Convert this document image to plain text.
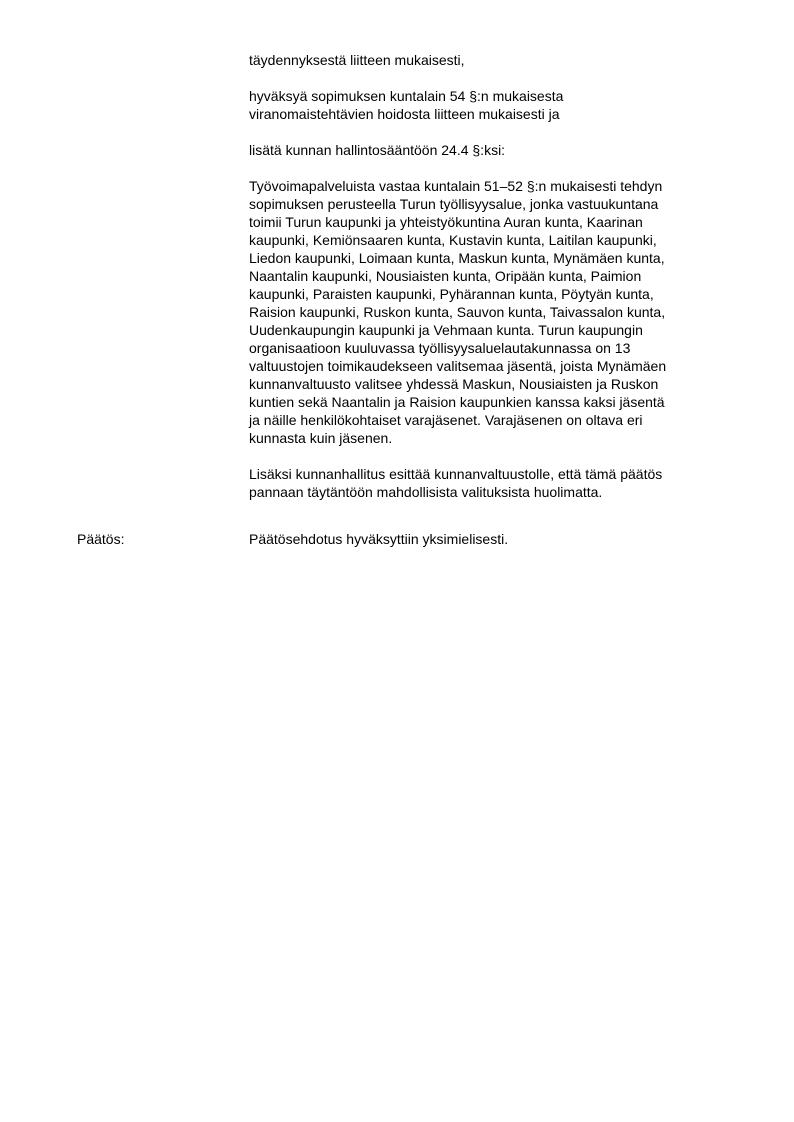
täydennyksestä liitteen mukaisesti,

hyväksyä sopimuksen kuntalain 54 §:n mukaisesta
viranomaistehtävien hoidosta liitteen mukaisesti ja

lisätä kunnan hallintosääntöön 24.4 §:ksi:

Työvoimapalveluista vastaa kuntalain 51–52 §:n mukaisesti tehdyn
sopimuksen perusteella Turun työllisyysalue, jonka vastuukuntana
toimii Turun kaupunki ja yhteistyökuntina Auran kunta, Kaarinan
kaupunki, Kemiönsaaren kunta, Kustavin kunta, Laitilan kaupunki,
Liedon kaupunki, Loimaan kunta, Maskun kunta, Mynämäen kunta,
Naantalin kaupunki, Nousiaisten kunta, Oripään kunta, Paimion
kaupunki, Paraisten kaupunki, Pyhärannan kunta, Pöytyän kunta,
Raision kaupunki, Ruskon kunta, Sauvon kunta, Taivassalon kunta,
Uudenkaupungin kaupunki ja Vehmaan kunta. Turun kaupungin
organisaatioon kuuluvassa työllisyysaluelautakunnassa on 13
valtuustojen toimikaudekseen valitsemaa jäsentä, joista Mynämäen
kunnanvaltuusto valitsee yhdessä Maskun, Nousiaisten ja Ruskon
kuntien sekä Naantalin ja Raision kaupunkien kanssa kaksi jäsentä
ja näille henkilökohtaiset varajäsenet. Varajäsenen on oltava eri
kunnasta kuin jäsenen.

Lisäksi kunnanhallitus esittää kunnanvaltuustolle, että tämä päätös
pannaan täytäntöön mahdollisista valituksista huolimatta.

Päätös:	Päätösehdotus hyväksyttiin yksimielisesti.
